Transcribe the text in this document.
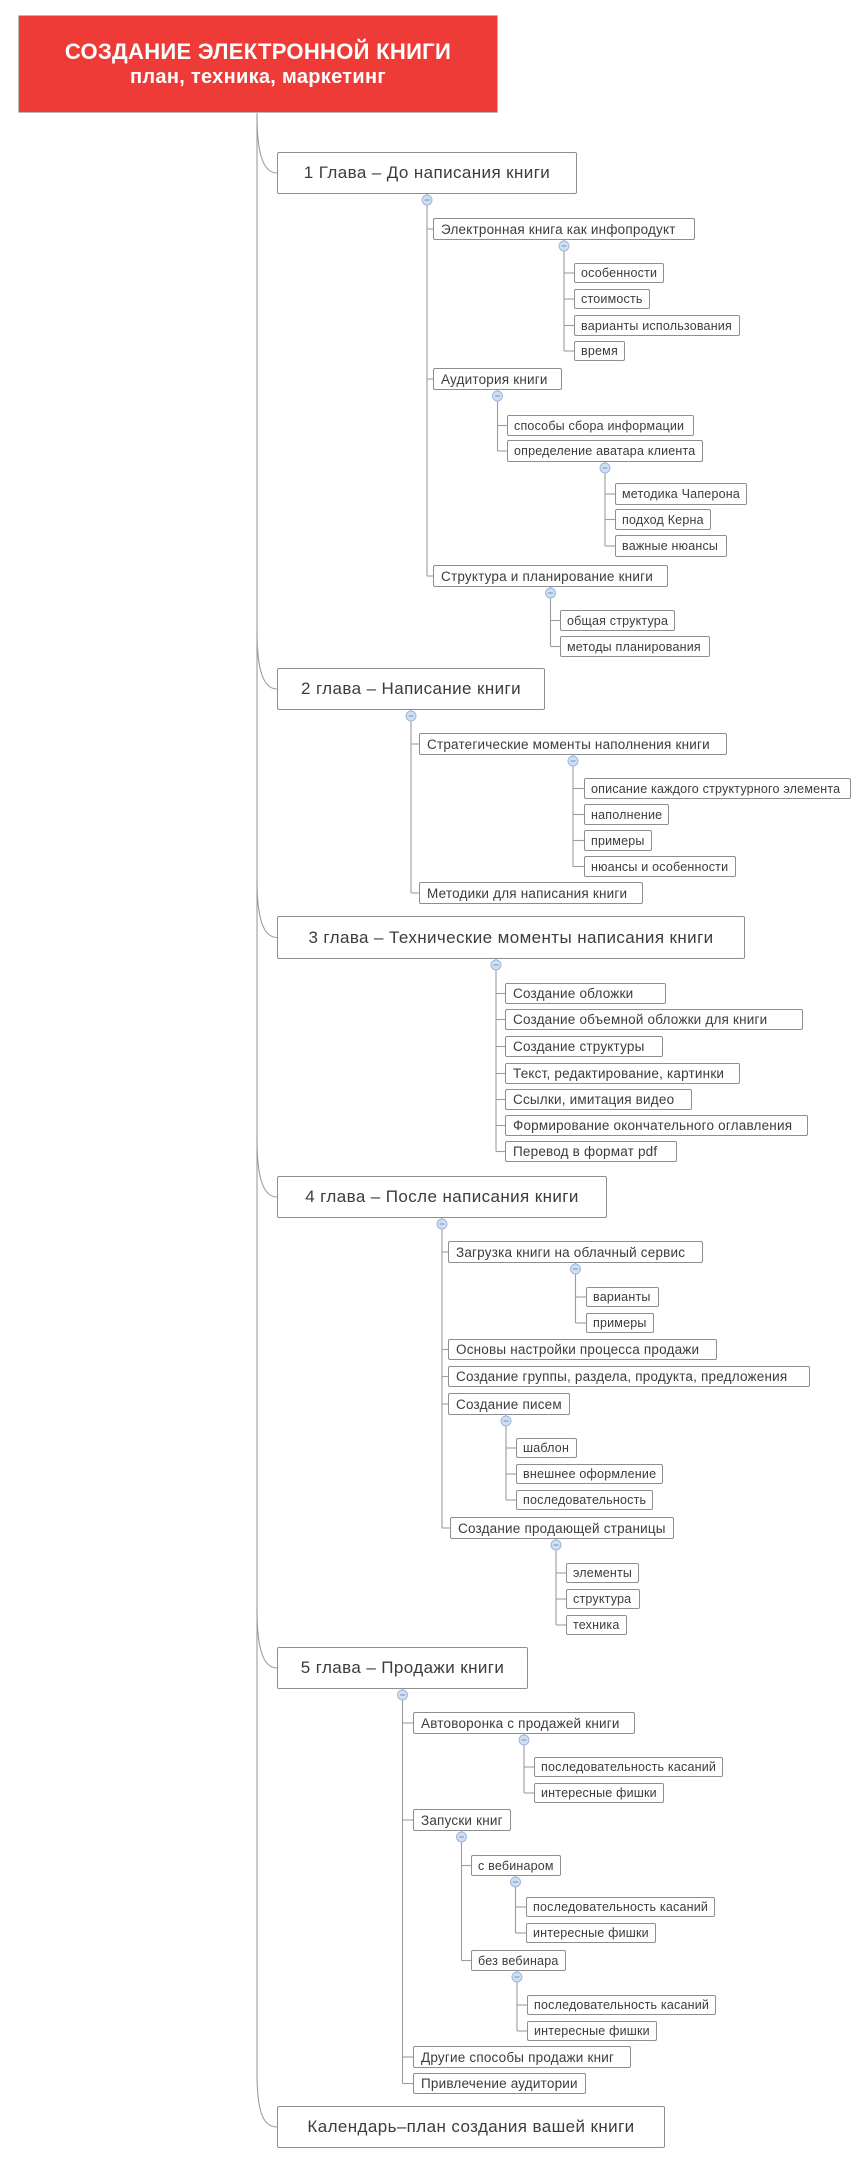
СОЗДАНИЕ ЭЛЕКТРОННОЙ КНИГИ
план, техника, маркетинг
1 Глава – До написания книги
Электронная книга как инфопродукт
особенности
стоимость
варианты использования
время
Аудитория книги
способы сбора информации
определение аватара клиента
методика Чаперона
подход Керна
важные нюансы
Структура и планирование книги
общая структура
методы планирования
2 глава – Написание книги
Стратегические моменты наполнения книги
описание каждого структурного элемента
наполнение
примеры
нюансы и особенности
Методики для написания книги
3 глава – Технические моменты написания книги
Создание обложки
Создание объемной обложки для книги
Создание структуры
Текст, редактирование, картинки
Ссылки, имитация видео
Формирование окончательного оглавления
Перевод в формат pdf
4 глава – После написания книги
Загрузка книги на облачный сервис
варианты
примеры
Основы настройки процесса продажи
Создание группы, раздела, продукта, предложения
Создание писем
шаблон
внешнее оформление
последовательность
Создание продающей страницы
элементы
структура
техника
5 глава – Продажи книги
Автоворонка с продажей книги
последовательность касаний
интересные фишки
Запуски книг
с вебинаром
последовательность касаний
интересные фишки
без вебинара
последовательность касаний
интересные фишки
Другие способы продажи книг
Привлечение аудитории
Календарь–план создания вашей книги
